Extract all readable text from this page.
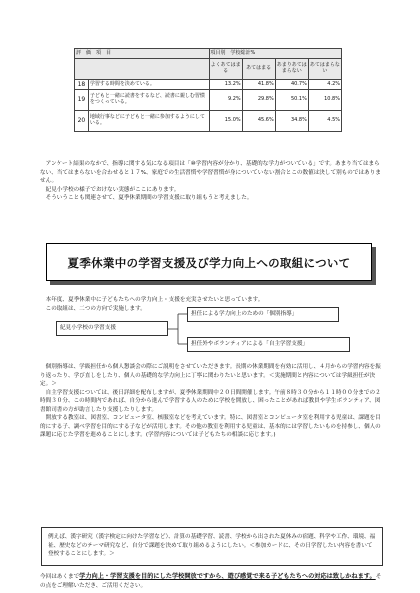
評　価　項　目		項目別　学校総計%			
		よくあてはまる	あてはまる	あまりあてはまらない	あてはまらない
18	学習する時間を決めている。	13.2%	41.8%	40.7%	4.2%
19	子どもと一緒に読書をするなど、読書に親しむ習慣をつくっている。	9.2%	29.8%	50.1%	10.8%
20	地域行事などに子どもと一緒に参加するようにしている。	15.0%	45.6%	34.8%	4.5%

アンケート結果のなかで、指導に関する気になる項目は「⑩学習内容が分かり、基礎的な学力がついている」です。あまり当てはまらない、当てはまらないを合わせると１７%、家庭での生活習慣や学習習慣が身についていない割合とこの数値は決して別ものではありません。

紀見小学校の様子でおけない実態がここにあります。

そういうことも関連させて、夏季休業期間の学習支援に取り組もうと考えました。

夏季休業中の学習支援及び学力向上への取組について

本年度、夏季休業中に子どもたちへの学力向上・支援を充実させたいと思っています。

この取組は、二つの方向で実施します。

紀見小学校の学習支援
担任による学力向上のための「個別指導」
担任外やボランティアによる「自主学習支援」

個別指導は、学級担任から個人懇談会の際にご説明をさせていただきます。長期の休業期間を有効に活用し、４月からの学習内容を振り返ったり、学び直しをしたり、個人の基礎的な学力向上に丁寧に関わりたいと思います。＜実施期間と内容については学級担任が決定。＞

自主学習支援については、後日詳細を配布しますが、夏季休業期間中２０日間開催します。午前８時３０分から１１時００分までの２時間３０分、この時間内であれば、自分から進んで学習する人のために学校を開放し、困ったことがあれば教員や学生ボランティア、図書館司書の方が助言したり支援したりします。

開放する教室は、図書室、コンピュータ室、核服室などを考えています。特に、図書室とコンピュータ室を利用する児童は、課題を目的にする子、調べ学習を目的にする子などが活用します。その他の教室を利用する児童は、基本的には学習したいものを持参し、個人の課題に応じた学習を進めることにします。(学習内容については子どもたちの相談に応じます。)

例えば、漢字研究（漢字検定に向けた学習など）、計算の基礎学習、読書、学校から出された夏休みの宿題、科学や工作、環境、福祉、歴史などのテーマ研究など、自分で課題を決めて取り組めるようにしたい。＜参加カードに、その日学習したい内容を書いて登校することにします。＞
今回はあくまで学力向上・学習支援を目的にした学校開放ですから、遊び感覚で来る子どもたちへの対応は致しかねます。その点をご理解いただき、ご活用ください。
